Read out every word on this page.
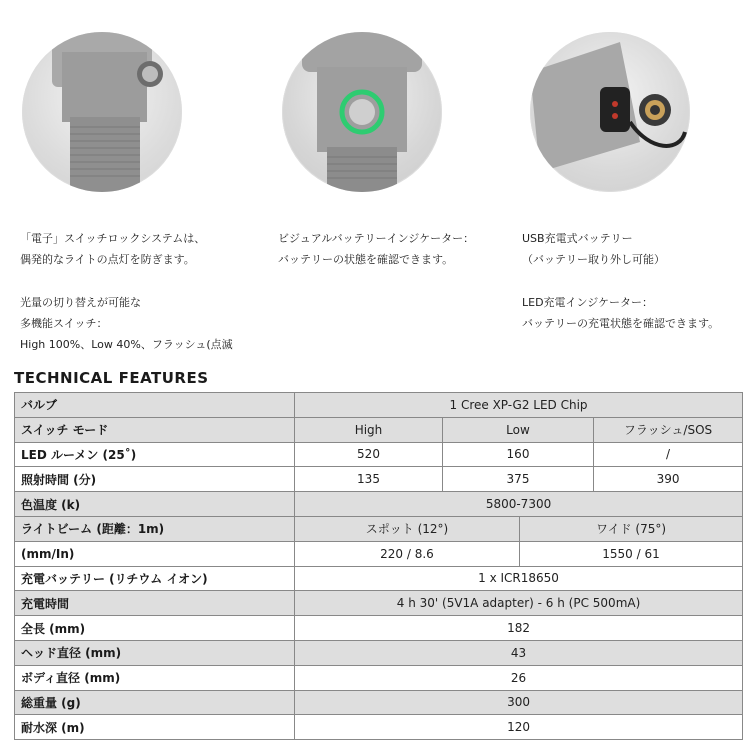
「電子」スイッチロックシステムは、

偶発的なライトの点灯を防ぎます。

光量の切り替えが可能な

多機能スイッチ：

High 100%、Low 40%、フラッシュ(点滅

ビジュアルバッテリーインジケーター：

バッテリーの状態を確認できます。

USB充電式バッテリー

（バッテリー取り外し可能）

LED充電インジケーター：

バッテリーの充電状態を確認できます。

TECHNICAL FEATURES
バルブ	1 Cree XP-G2 LED Chip			
スイッチ モード	High	Low		フラッシュ/SOS
LED ルーメン (25˚)	520	160		/
照射時間 (分)	135	375		390
色温度 (k)	5800-7300			
ライトビーム (距離：1m)	スポット (12°)		ワイド (75°)	
(mm/In)	220 / 8.6		1550 / 61	
充電バッテリー (リチウム イオン)	1 x ICR18650			
充電時間	4 h 30' (5V1A adapter) - 6 h (PC 500mA)			
全長 (mm)	182			
ヘッド直径 (mm)	43			
ボディ直径 (mm)	26			
総重量 (g)	300			
耐水深 (m)	120			
